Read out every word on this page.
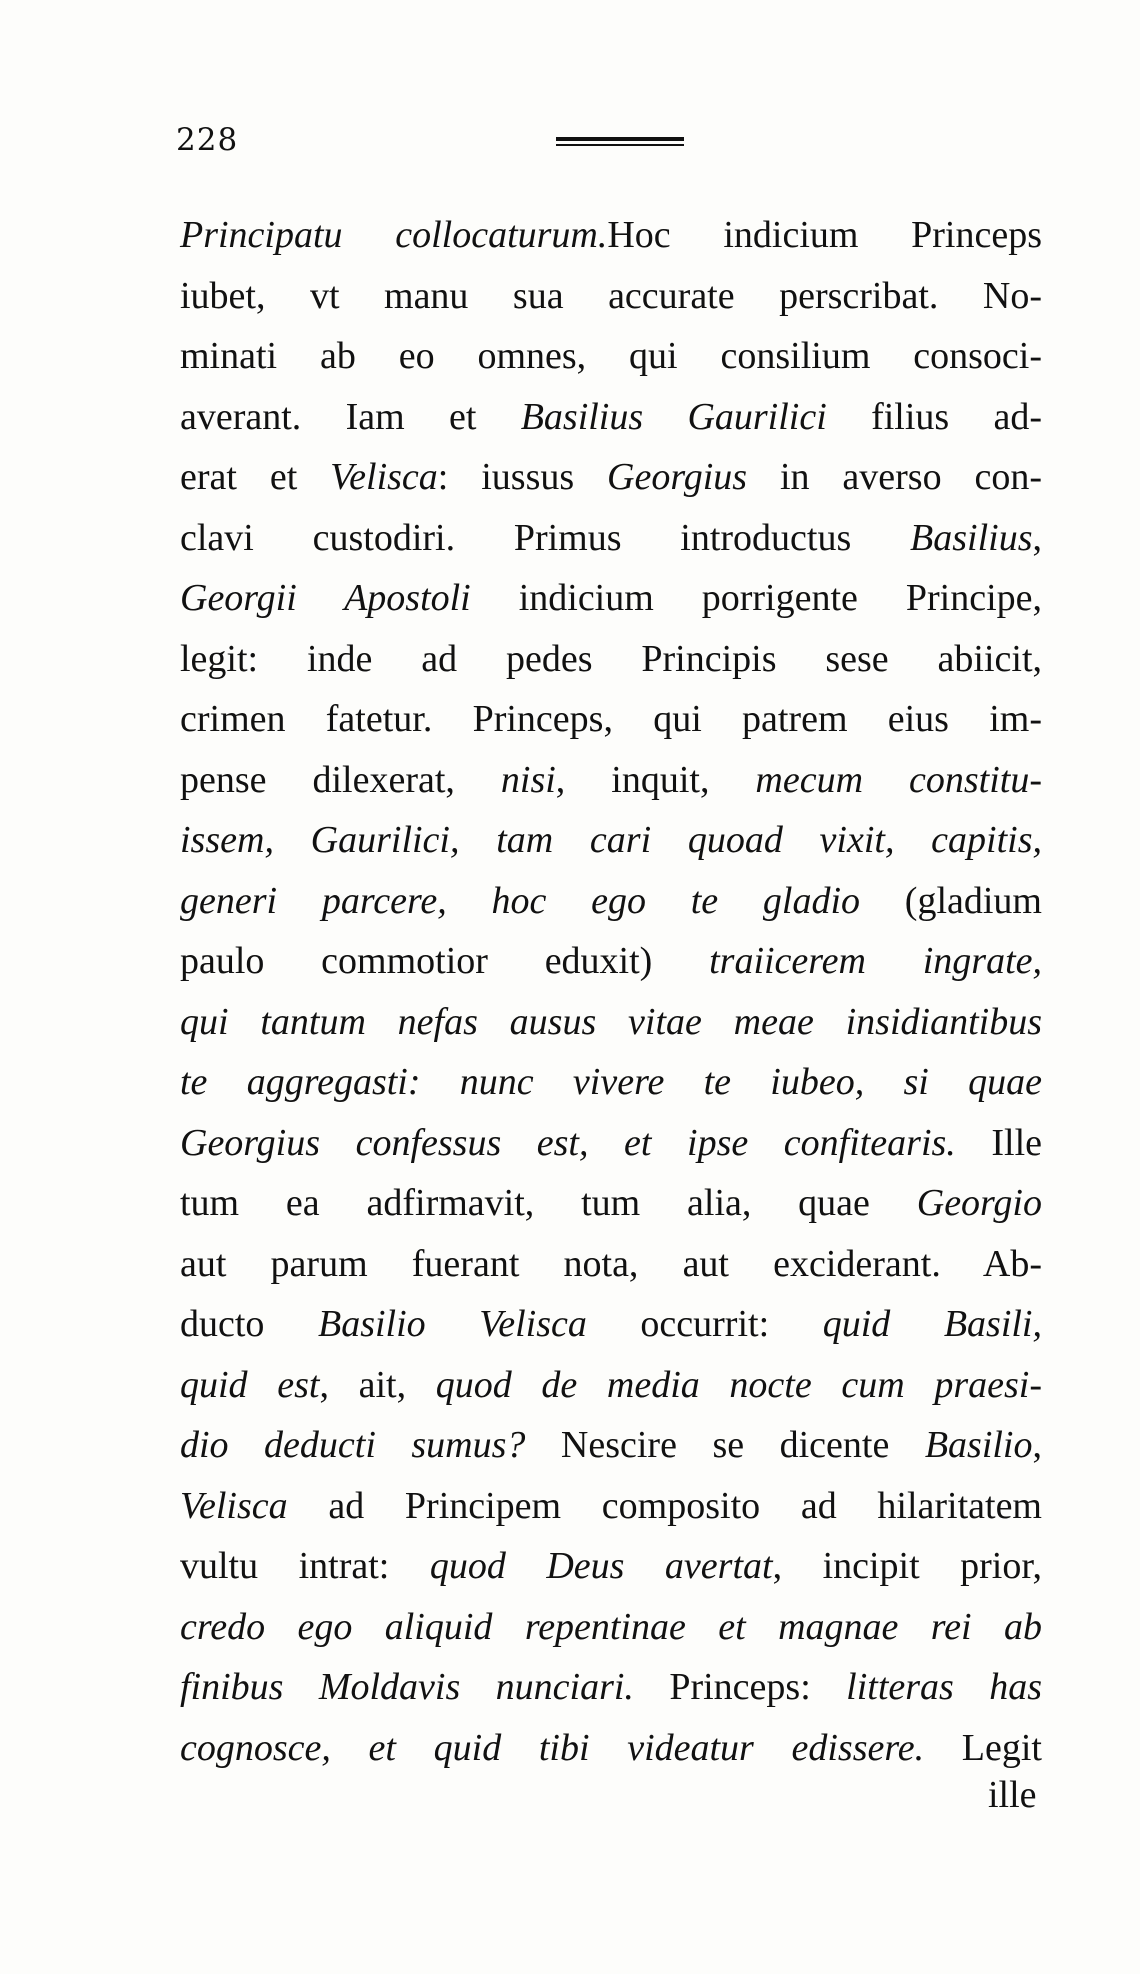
228
Principatu collocaturum.Hoc indicium Princeps
iubet, vt manu sua accurate perscribat. No-
minati ab eo omnes, qui consilium consoci-
averant. Iam et Basilius Gaurilici filius ad-
erat et Velisca: iussus Georgius in averso con-
clavi custodiri. Primus introductus Basilius,
Georgii Apostoli indicium porrigente Principe,
legit: inde ad pedes Principis sese abiicit,
crimen fatetur. Princeps, qui patrem eius im-
pense dilexerat, nisi, inquit, mecum constitu-
issem, Gaurilici, tam cari quoad vixit, capitis,
generi parcere, hoc ego te gladio (gladium
paulo commotior eduxit) traiicerem ingrate,
qui tantum nefas ausus vitae meae insidiantibus
te aggregasti: nunc vivere te iubeo, si quae
Georgius confessus est, et ipse confitearis. Ille
tum ea adfirmavit, tum alia, quae Georgio
aut parum fuerant nota, aut exciderant. Ab-
ducto Basilio Velisca occurrit: quid Basili,
quid est, ait, quod de media nocte cum praesi-
dio deducti sumus? Nescire se dicente Basilio,
Velisca ad Principem composito ad hilaritatem
vultu intrat: quod Deus avertat, incipit prior,
credo ego aliquid repentinae et magnae rei ab
finibus Moldavis nunciari. Princeps: litteras has
cognosce, et quid tibi videatur edissere. Legit
ille
